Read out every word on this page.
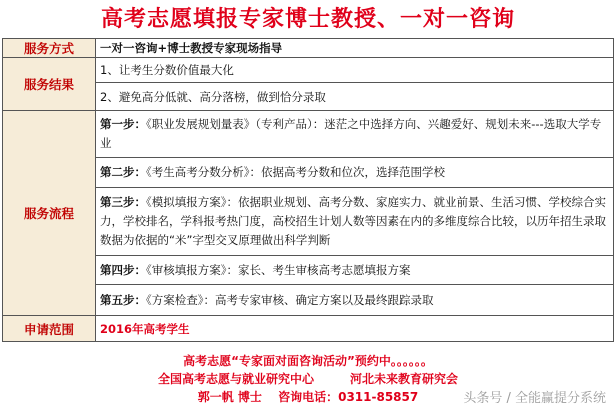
高考志愿填报专家博士教授、一对一咨询
服务方式	一对一咨询+博士教授专家现场指导
服务结果	1、让考生分数价值最大化
	2、避免高分低就、高分落榜，做到恰分录取
服务流程	第一步：《职业发展规划量表》（专利产品）：迷茫之中选择方向、兴趣爱好、规划未来---选取大学专业

	第二步：《考生高考分数分析》：依据高考分数和位次，选择范围学校

	第三步：《模拟填报方案》：依据职业规划、高考分数、家庭实力、就业前景、生活习惯、学校综合实力，学校排名，学科报考热门度，高校招生计划人数等因素在内的多维度综合比较，以历年招生录取数据为依据的“米”字型交叉原理做出科学判断

	第四步：《审核填报方案》：家长、考生审核高考志愿填报方案

	第五步：《方案检查》：高考专家审核、确定方案以及最终跟踪录取

申请范围	2016年高考学生
高考志愿“专家面对面咨询活动”预约中。。。。。。
全国高考志愿与就业研究中心　　　河北未来教育研究会
郭一帆 博士　 咨询电话：0311-85857	头条号 / 全能赢提分系统
